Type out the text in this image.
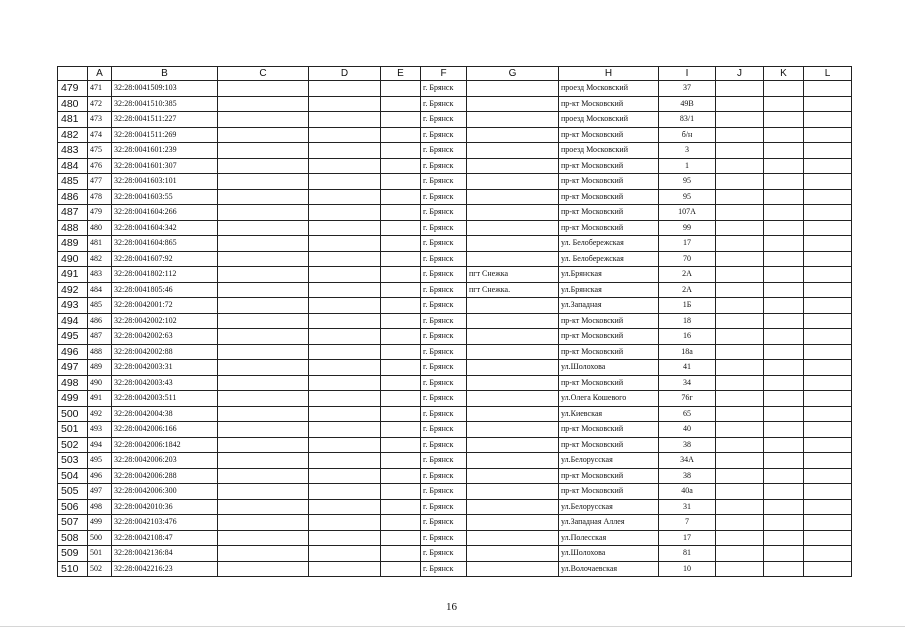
	A	B	C	D	E	F	G	H	I	J	K	L
479	471	32:28:0041509:103				г. Брянск		проезд Московский	37			
480	472	32:28:0041510:385				г. Брянск		пр-кт Московский	49В			
481	473	32:28:0041511:227				г. Брянск		проезд Московский	83/1			
482	474	32:28:0041511:269				г. Брянск		пр-кт Московский	б/н			
483	475	32:28:0041601:239				г. Брянск		проезд Московский	3			
484	476	32:28:0041601:307				г. Брянск		пр-кт Московский	1			
485	477	32:28:0041603:101				г. Брянск		пр-кт Московский	95			
486	478	32:28:0041603:55				г. Брянск		пр-кт Московский	95			
487	479	32:28:0041604:266				г. Брянск		пр-кт Московский	107А			
488	480	32:28:0041604:342				г. Брянск		пр-кт Московский	99			
489	481	32:28:0041604:865				г. Брянск		ул. Белобережская	17			
490	482	32:28:0041607:92				г. Брянск		ул. Белобережская	70			
491	483	32:28:0041802:112				г. Брянск	пгт Снежка	ул.Брянская	2А			
492	484	32:28:0041805:46				г. Брянск	пгт Снежка.	ул.Брянская	2А			
493	485	32:28:0042001:72				г. Брянск		ул.Западная	1Б			
494	486	32:28:0042002:102				г. Брянск		пр-кт Московский	18			
495	487	32:28:0042002:63				г. Брянск		пр-кт Московский	16			
496	488	32:28:0042002:88				г. Брянск		пр-кт Московский	18а			
497	489	32:28:0042003:31				г. Брянск		ул.Шолохова	41			
498	490	32:28:0042003:43				г. Брянск		пр-кт Московский	34			
499	491	32:28:0042003:511				г. Брянск		ул.Олега Кошевого	76г			
500	492	32:28:0042004:38				г. Брянск		ул.Киевская	65			
501	493	32:28:0042006:166				г. Брянск		пр-кт Московский	40			
502	494	32:28:0042006:1842				г. Брянск		пр-кт Московский	38			
503	495	32:28:0042006:203				г. Брянск		ул.Белорусская	34А			
504	496	32:28:0042006:288				г. Брянск		пр-кт Московский	38			
505	497	32:28:0042006:300				г. Брянск		пр-кт Московский	40а			
506	498	32:28:0042010:36				г. Брянск		ул.Белорусская	31			
507	499	32:28:0042103:476				г. Брянск		ул.Западная Аллея	7			
508	500	32:28:0042108:47				г. Брянск		ул.Полесская	17			
509	501	32:28:0042136:84				г. Брянск		ул.Шолохова	81			
510	502	32:28:0042216:23				г. Брянск		ул.Волочаевская	10			
16
